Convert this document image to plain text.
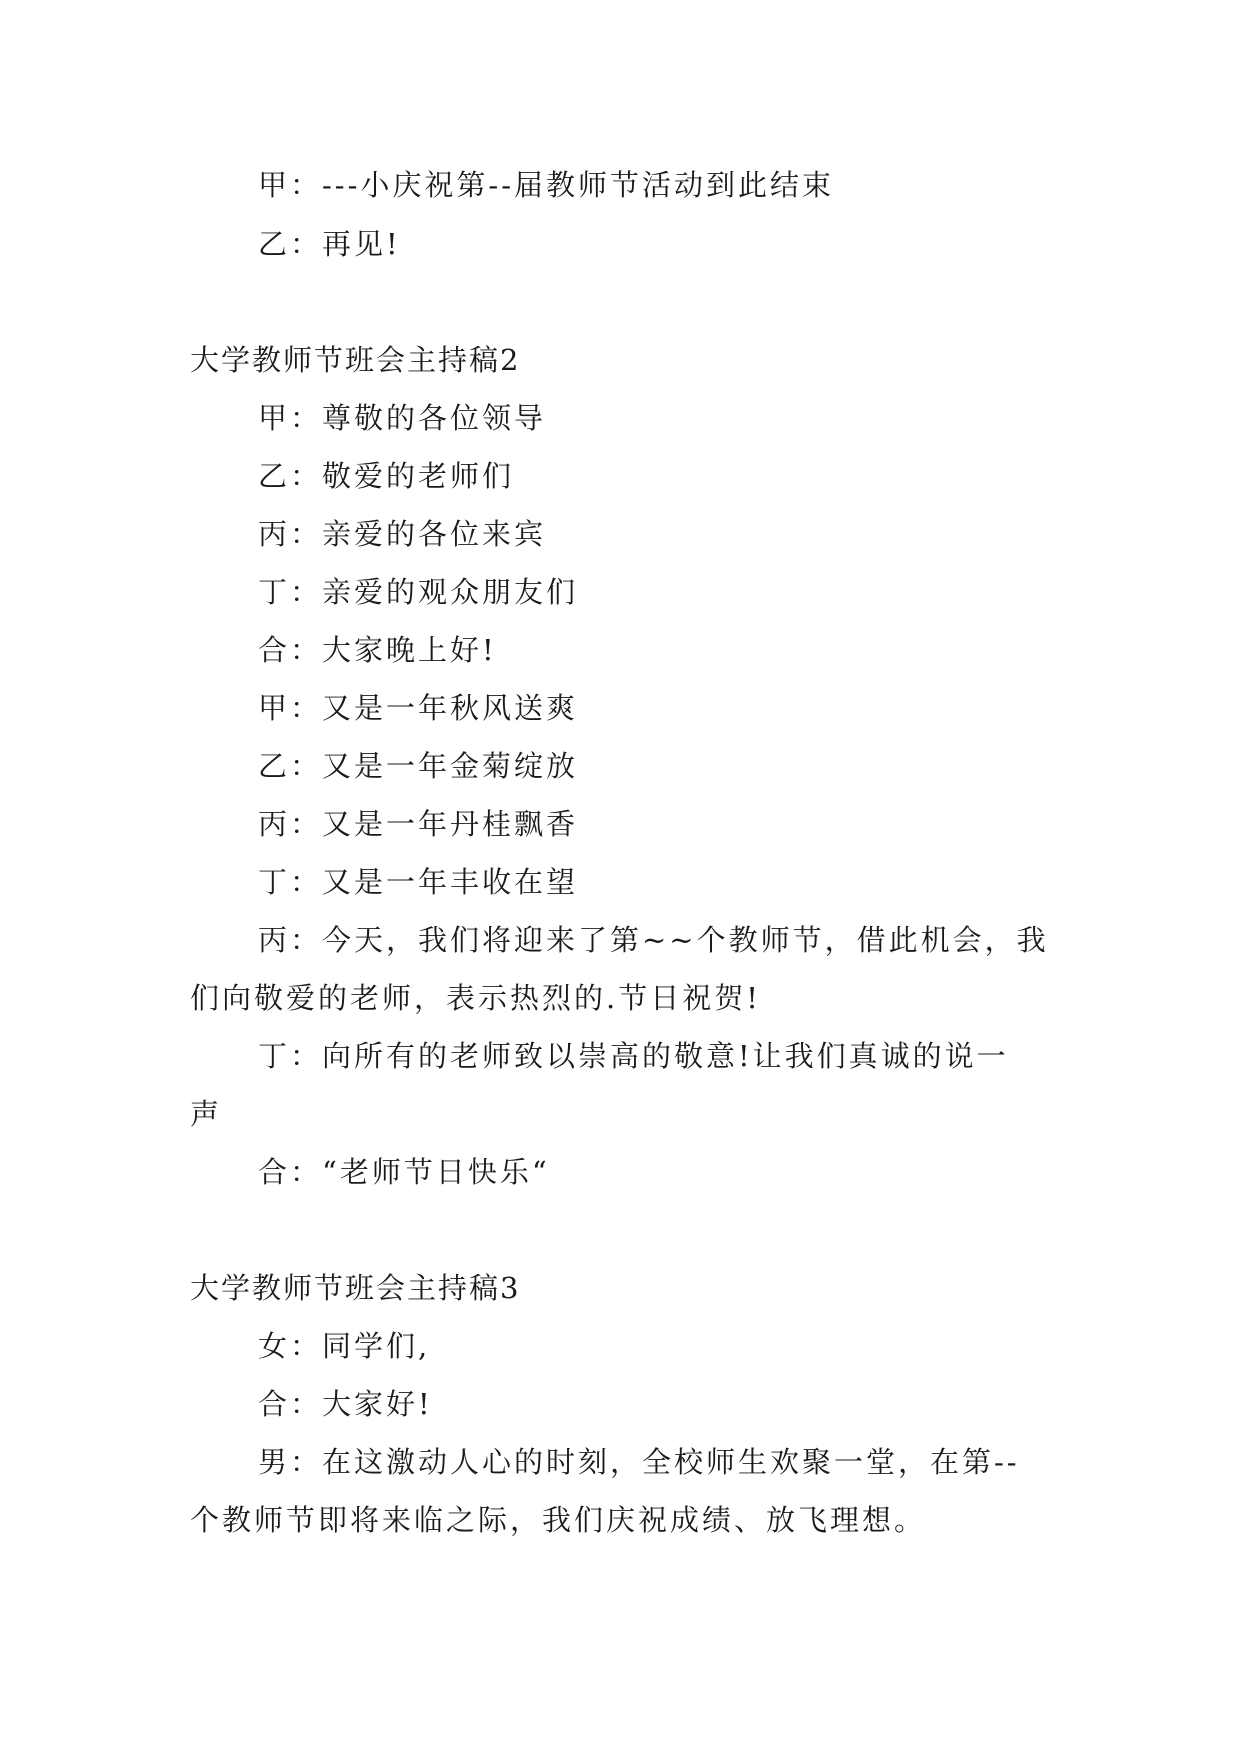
甲：---小庆祝第--届教师节活动到此结束
乙：再见!
大学教师节班会主持稿2
甲：尊敬的各位领导
乙：敬爱的老师们
丙：亲爱的各位来宾
丁：亲爱的观众朋友们
合：大家晚上好!
甲：又是一年秋风送爽
乙：又是一年金菊绽放
丙：又是一年丹桂飘香
丁：又是一年丰收在望
丙：今天，我们将迎来了第~~个教师节，借此机会，我
们向敬爱的老师，表示热烈的.节日祝贺!
丁：向所有的老师致以崇高的敬意!让我们真诚的说一
声
合：“老师节日快乐“
大学教师节班会主持稿3
女：同学们,
合：大家好!
男：在这激动人心的时刻，全校师生欢聚一堂，在第--
个教师节即将来临之际，我们庆祝成绩、放飞理想。
